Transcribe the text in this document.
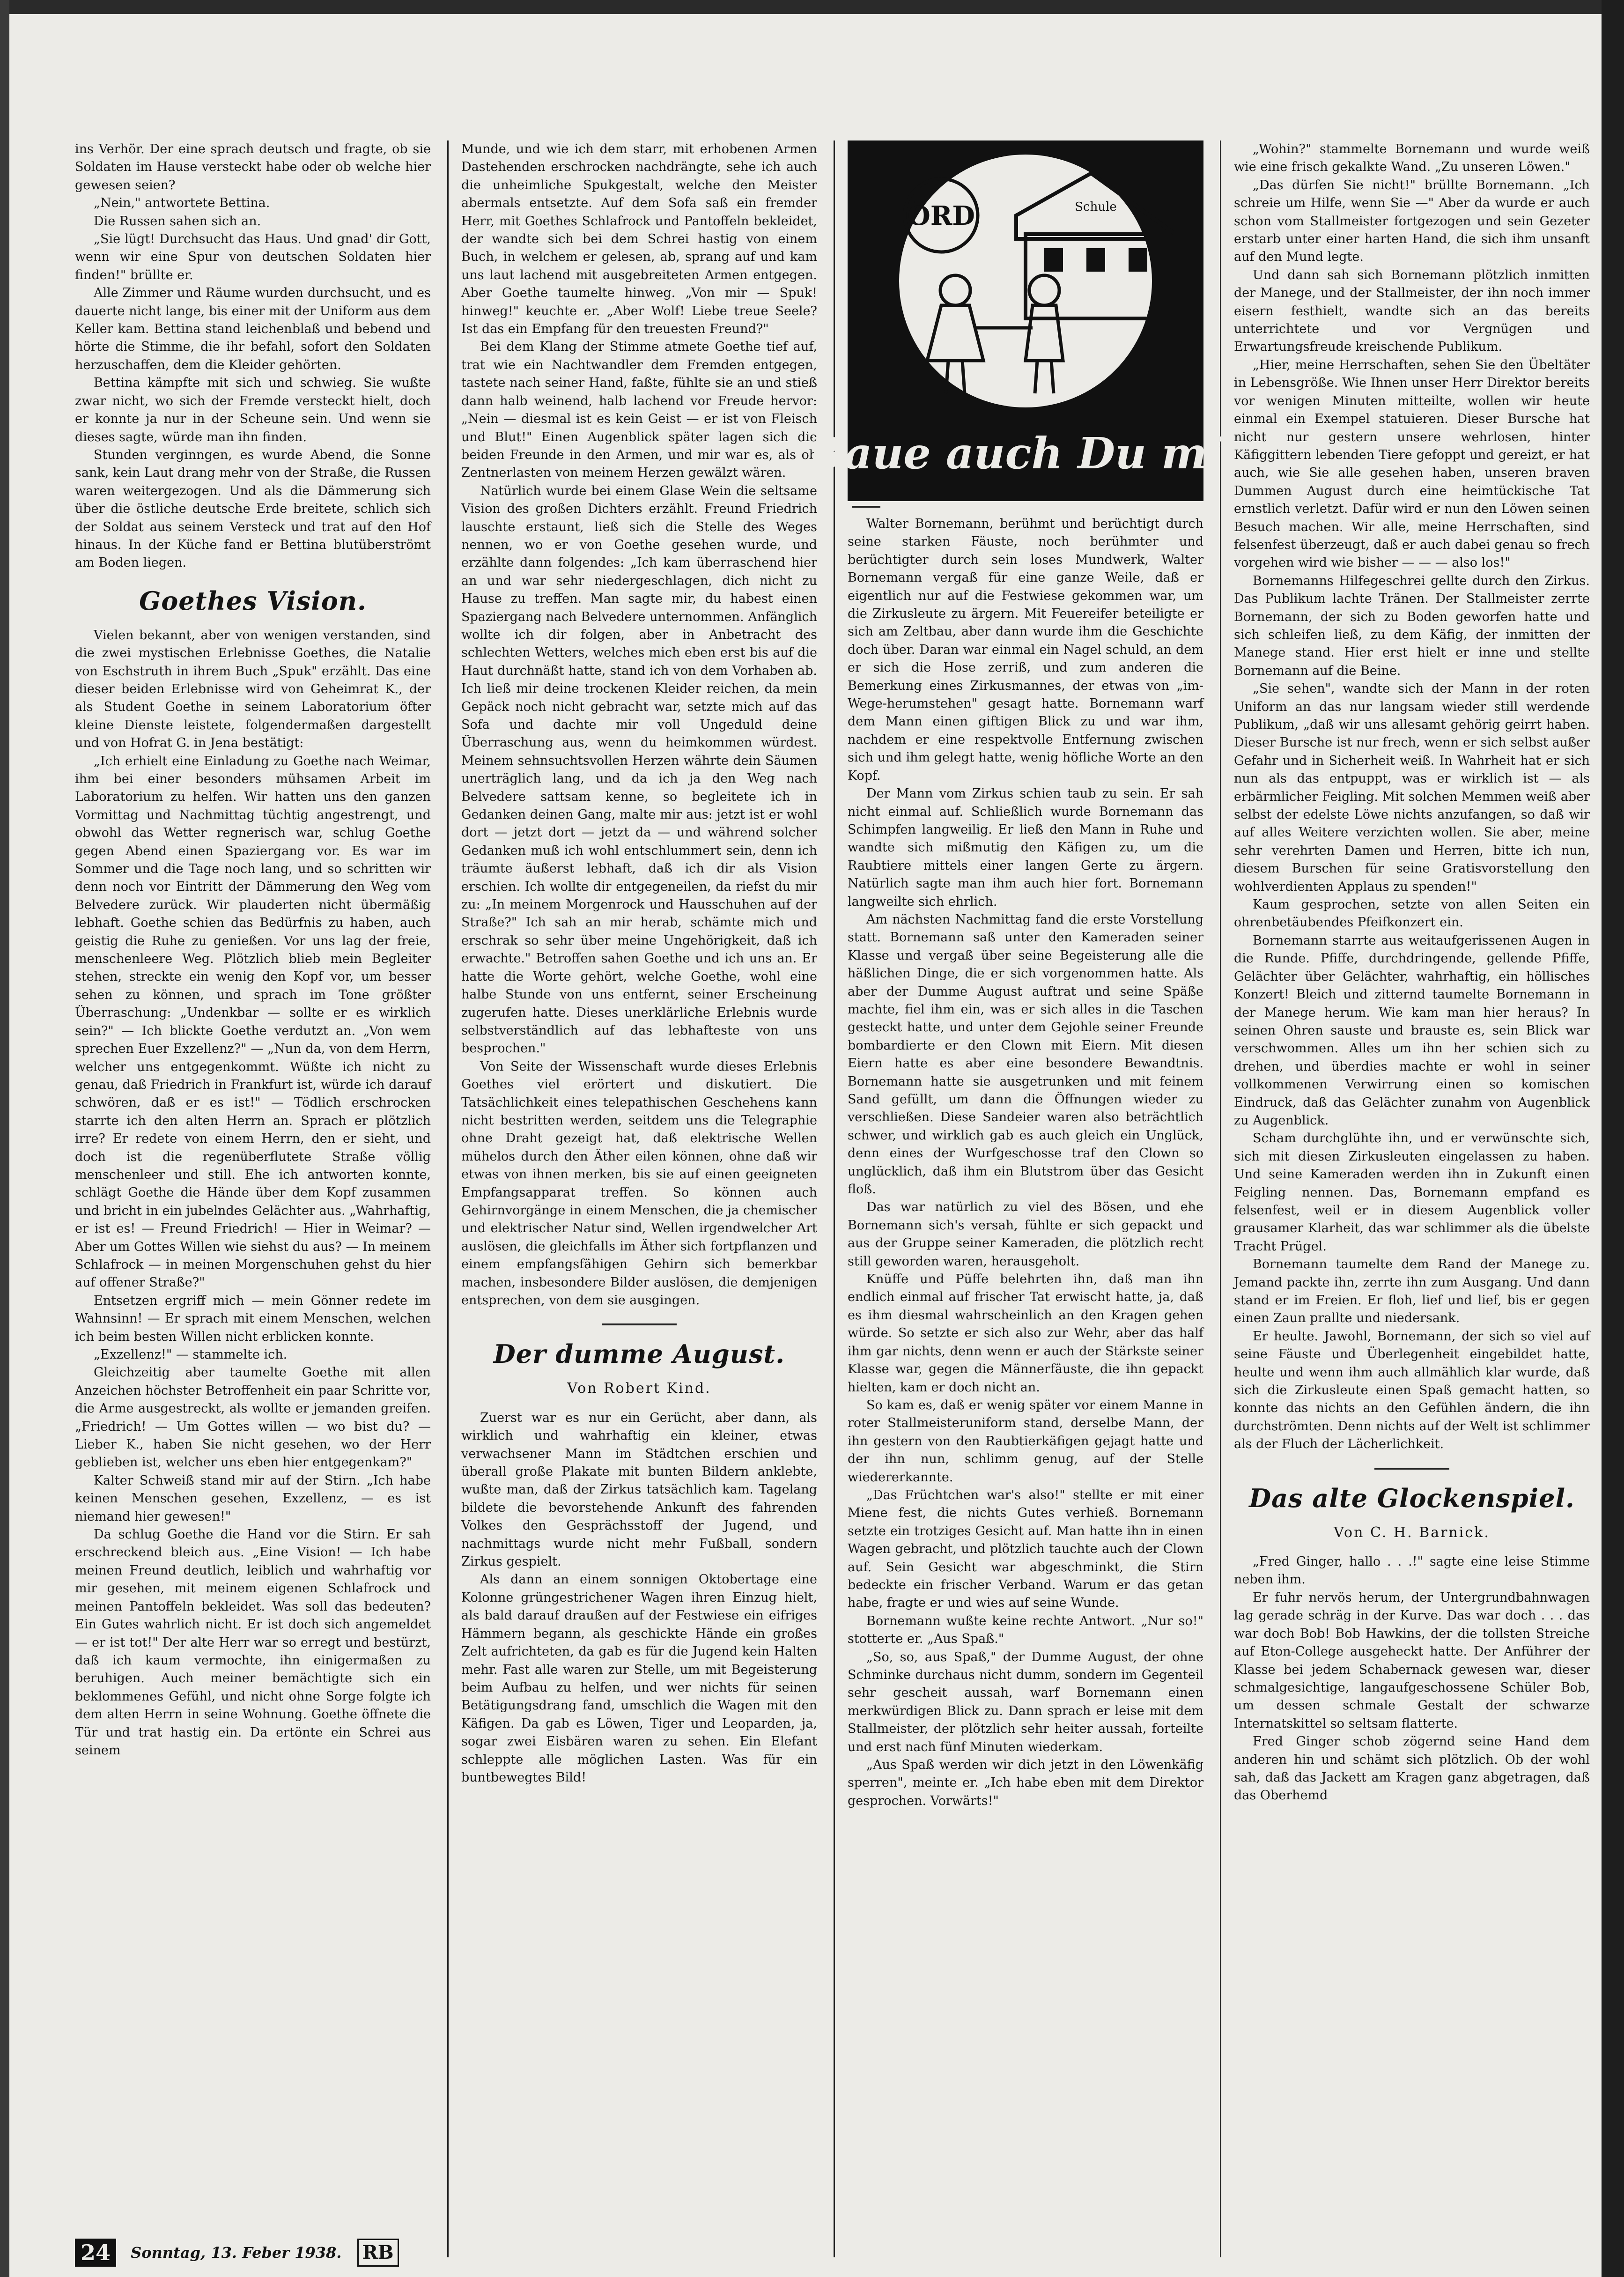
ins Verhör. Der eine sprach deutsch und fragte, ob sie Soldaten im Hause versteckt habe oder ob welche hier gewesen seien?

„Nein," antwortete Bettina.

Die Russen sahen sich an.

„Sie lügt! Durchsucht das Haus. Und gnad' dir Gott, wenn wir eine Spur von deutschen Soldaten hier finden!" brüllte er.

Alle Zimmer und Räume wurden durchsucht, und es dauerte nicht lange, bis einer mit der Uniform aus dem Keller kam. Bettina stand leichenblaß und bebend und hörte die Stimme, die ihr befahl, sofort den Soldaten herzuschaffen, dem die Kleider gehörten.

Bettina kämpfte mit sich und schwieg. Sie wußte zwar nicht, wo sich der Fremde versteckt hielt, doch er konnte ja nur in der Scheune sein. Und wenn sie dieses sagte, würde man ihn finden.

Stunden verginngen, es wurde Abend, die Sonne sank, kein Laut drang mehr von der Straße, die Russen waren weitergezogen. Und als die Dämmerung sich über die östliche deutsche Erde breitete, schlich sich der Soldat aus seinem Versteck und trat auf den Hof hinaus. In der Küche fand er Bettina blutüberströmt am Boden liegen.

Goethes Vision.

Vielen bekannt, aber von wenigen verstanden, sind die zwei mystischen Erlebnisse Goethes, die Natalie von Eschstruth in ihrem Buch „Spuk" erzählt. Das eine dieser beiden Erlebnisse wird von Geheimrat K., der als Student Goethe in seinem Laboratorium öfter kleine Dienste leistete, folgendermaßen dargestellt und von Hofrat G. in Jena bestätigt:

„Ich erhielt eine Einladung zu Goethe nach Weimar, ihm bei einer besonders mühsamen Arbeit im Laboratorium zu helfen. Wir hatten uns den ganzen Vormittag und Nachmittag tüchtig angestrengt, und obwohl das Wetter regnerisch war, schlug Goethe gegen Abend einen Spaziergang vor. Es war im Sommer und die Tage noch lang, und so schritten wir denn noch vor Eintritt der Dämmerung den Weg vom Belvedere zurück. Wir plauderten nicht übermäßig lebhaft. Goethe schien das Bedürfnis zu haben, auch geistig die Ruhe zu genießen. Vor uns lag der freie, menschenleere Weg. Plötzlich blieb mein Begleiter stehen, streckte ein wenig den Kopf vor, um besser sehen zu können, und sprach im Tone größter Überraschung: „Undenkbar — sollte er es wirklich sein?" — Ich blickte Goethe verdutzt an. „Von wem sprechen Euer Exzellenz?" — „Nun da, von dem Herrn, welcher uns entgegenkommt. Wüßte ich nicht zu genau, daß Friedrich in Frankfurt ist, würde ich darauf schwören, daß er es ist!" — Tödlich erschrocken starrte ich den alten Herrn an. Sprach er plötzlich irre? Er redete von einem Herrn, den er sieht, und doch ist die regenüberflutete Straße völlig menschenleer und still. Ehe ich antworten konnte, schlägt Goethe die Hände über dem Kopf zusammen und bricht in ein jubelndes Gelächter aus. „Wahrhaftig, er ist es! — Freund Friedrich! — Hier in Weimar? — Aber um Gottes Willen wie siehst du aus? — In meinem Schlafrock — in meinen Morgenschuhen gehst du hier auf offener Straße?"

Entsetzen ergriff mich — mein Gönner redete im Wahnsinn! — Er sprach mit einem Menschen, welchen ich beim besten Willen nicht erblicken konnte.

„Exzellenz!" — stammelte ich.

Gleichzeitig aber taumelte Goethe mit allen Anzeichen höchster Betroffenheit ein paar Schritte vor, die Arme ausgestreckt, als wollte er jemanden greifen. „Friedrich! — Um Gottes willen — wo bist du? — Lieber K., haben Sie nicht gesehen, wo der Herr geblieben ist, welcher uns eben hier entgegenkam?"

Kalter Schweiß stand mir auf der Stirn. „Ich habe keinen Menschen gesehen, Exzellenz, — es ist niemand hier gewesen!"

Da schlug Goethe die Hand vor die Stirn. Er sah erschreckend bleich aus. „Eine Vision! — Ich habe meinen Freund deutlich, leiblich und wahrhaftig vor mir gesehen, mit meinem eigenen Schlafrock und meinen Pantoffeln bekleidet. Was soll das bedeuten? Ein Gutes wahrlich nicht. Er ist doch sich angemeldet — er ist tot!" Der alte Herr war so erregt und bestürzt, daß ich kaum vermochte, ihn einigermaßen zu beruhigen. Auch meiner bemächtigte sich ein beklommenes Gefühl, und nicht ohne Sorge folgte ich dem alten Herrn in seine Wohnung. Goethe öffnete die Tür und trat hastig ein. Da ertönte ein Schrei aus seinem

Munde, und wie ich dem starr, mit erhobenen Armen Dastehenden erschrocken nachdrängte, sehe ich auch die unheimliche Spukgestalt, welche den Meister abermals entsetzte. Auf dem Sofa saß ein fremder Herr, mit Goethes Schlafrock und Pantoffeln bekleidet, der wandte sich bei dem Schrei hastig von einem Buch, in welchem er gelesen, ab, sprang auf und kam uns laut lachend mit ausgebreiteten Armen entgegen. Aber Goethe taumelte hinweg. „Von mir — Spuk! hinweg!" keuchte er. „Aber Wolf! Liebe treue Seele? Ist das ein Empfang für den treuesten Freund?"

Bei dem Klang der Stimme atmete Goethe tief auf, trat wie ein Nachtwandler dem Fremden entgegen, tastete nach seiner Hand, faßte, fühlte sie an und stieß dann halb weinend, halb lachend vor Freude hervor: „Nein — diesmal ist es kein Geist — er ist von Fleisch und Blut!" Einen Augenblick später lagen sich die beiden Freunde in den Armen, und mir war es, als ob Zentnerlasten von meinem Herzen gewälzt wären.

Natürlich wurde bei einem Glase Wein die seltsame Vision des großen Dichters erzählt. Freund Friedrich lauschte erstaunt, ließ sich die Stelle des Weges nennen, wo er von Goethe gesehen wurde, und erzählte dann folgendes: „Ich kam überraschend hier an und war sehr niedergeschlagen, dich nicht zu Hause zu treffen. Man sagte mir, du habest einen Spaziergang nach Belvedere unternommen. Anfänglich wollte ich dir folgen, aber in Anbetracht des schlechten Wetters, welches mich eben erst bis auf die Haut durchnäßt hatte, stand ich von dem Vorhaben ab. Ich ließ mir deine trockenen Kleider reichen, da mein Gepäck noch nicht gebracht war, setzte mich auf das Sofa und dachte mir voll Ungeduld deine Überraschung aus, wenn du heimkommen würdest. Meinem sehnsuchtsvollen Herzen währte dein Säumen unerträglich lang, und da ich ja den Weg nach Belvedere sattsam kenne, so begleitete ich in Gedanken deinen Gang, malte mir aus: jetzt ist er wohl dort — jetzt dort — jetzt da — und während solcher Gedanken muß ich wohl entschlummert sein, denn ich träumte äußerst lebhaft, daß ich dir als Vision erschien. Ich wollte dir entgegeneilen, da riefst du mir zu: „In meinem Morgenrock und Hausschuhen auf der Straße?" Ich sah an mir herab, schämte mich und erschrak so sehr über meine Ungehörigkeit, daß ich erwachte." Betroffen sahen Goethe und ich uns an. Er hatte die Worte gehört, welche Goethe, wohl eine halbe Stunde von uns entfernt, seiner Erscheinung zugerufen hatte. Dieses unerklärliche Erlebnis wurde selbstverständlich auf das lebhafteste von uns besprochen."

Von Seite der Wissenschaft wurde dieses Erlebnis Goethes viel erörtert und diskutiert. Die Tatsächlichkeit eines telepathischen Geschehens kann nicht bestritten werden, seitdem uns die Telegraphie ohne Draht gezeigt hat, daß elektrische Wellen mühelos durch den Äther eilen können, ohne daß wir etwas von ihnen merken, bis sie auf einen geeigneten Empfangsapparat treffen. So können auch Gehirnvorgänge in einem Menschen, die ja chemischer und elektrischer Natur sind, Wellen irgendwelcher Art auslösen, die gleichfalls im Äther sich fortpflanzen und einem empfangsfähigen Gehirn sich bemerkbar machen, insbesondere Bilder auslösen, die demjenigen entsprechen, von dem sie ausgingen.

Der dumme August.
Von Robert Kind.

Zuerst war es nur ein Gerücht, aber dann, als wirklich und wahrhaftig ein kleiner, etwas verwachsener Mann im Städtchen erschien und überall große Plakate mit bunten Bildern anklebte, wußte man, daß der Zirkus tatsächlich kam. Tagelang bildete die bevorstehende Ankunft des fahrenden Volkes den Gesprächsstoff der Jugend, und nachmittags wurde nicht mehr Fußball, sondern Zirkus gespielt.

Als dann an einem sonnigen Oktobertage eine Kolonne grüngestrichener Wagen ihren Einzug hielt, als bald darauf draußen auf der Festwiese ein eifriges Hämmern begann, als geschickte Hände ein großes Zelt aufrichteten, da gab es für die Jugend kein Halten mehr. Fast alle waren zur Stelle, um mit Begeisterung beim Aufbau zu helfen, und wer nichts für seinen Betätigungsdrang fand, umschlich die Wagen mit den Käfigen. Da gab es Löwen, Tiger und Leoparden, ja, sogar zwei Eisbären waren zu sehen. Ein Elefant schleppte alle möglichen Lasten. Was für ein buntbewegtes Bild!

ÖRD	Schule
Baue auch Du mit

Walter Bornemann, berühmt und berüchtigt durch seine starken Fäuste, noch berühmter und berüchtigter durch sein loses Mundwerk, Walter Bornemann vergaß für eine ganze Weile, daß er eigentlich nur auf die Festwiese gekommen war, um die Zirkusleute zu ärgern. Mit Feuereifer beteiligte er sich am Zeltbau, aber dann wurde ihm die Geschichte doch über. Daran war einmal ein Nagel schuld, an dem er sich die Hose zerriß, und zum anderen die Bemerkung eines Zirkusmannes, der etwas von „im-Wege-herumstehen" gesagt hatte. Bornemann warf dem Mann einen giftigen Blick zu und war ihm, nachdem er eine respektvolle Entfernung zwischen sich und ihm gelegt hatte, wenig höfliche Worte an den Kopf.

Der Mann vom Zirkus schien taub zu sein. Er sah nicht einmal auf. Schließlich wurde Bornemann das Schimpfen langweilig. Er ließ den Mann in Ruhe und wandte sich mißmutig den Käfigen zu, um die Raubtiere mittels einer langen Gerte zu ärgern. Natürlich sagte man ihm auch hier fort. Bornemann langweilte sich ehrlich.

Am nächsten Nachmittag fand die erste Vorstellung statt. Bornemann saß unter den Kameraden seiner Klasse und vergaß über seine Begeisterung alle die häßlichen Dinge, die er sich vorgenommen hatte. Als aber der Dumme August auftrat und seine Späße machte, fiel ihm ein, was er sich alles in die Taschen gesteckt hatte, und unter dem Gejohle seiner Freunde bombardierte er den Clown mit Eiern. Mit diesen Eiern hatte es aber eine besondere Bewandtnis. Bornemann hatte sie ausgetrunken und mit feinem Sand gefüllt, um dann die Öffnungen wieder zu verschließen. Diese Sandeier waren also beträchtlich schwer, und wirklich gab es auch gleich ein Unglück, denn eines der Wurfgeschosse traf den Clown so unglücklich, daß ihm ein Blutstrom über das Gesicht floß.

Das war natürlich zu viel des Bösen, und ehe Bornemann sich's versah, fühlte er sich gepackt und aus der Gruppe seiner Kameraden, die plötzlich recht still geworden waren, herausgeholt.

Knüffe und Püffe belehrten ihn, daß man ihn endlich einmal auf frischer Tat erwischt hatte, ja, daß es ihm diesmal wahrscheinlich an den Kragen gehen würde. So setzte er sich also zur Wehr, aber das half ihm gar nichts, denn wenn er auch der Stärkste seiner Klasse war, gegen die Männerfäuste, die ihn gepackt hielten, kam er doch nicht an.

So kam es, daß er wenig später vor einem Manne in roter Stallmeisteruniform stand, derselbe Mann, der ihn gestern von den Raubtierkäfigen gejagt hatte und der ihn nun, schlimm genug, auf der Stelle wiedererkannte.

„Das Früchtchen war's also!" stellte er mit einer Miene fest, die nichts Gutes verhieß. Bornemann setzte ein trotziges Gesicht auf. Man hatte ihn in einen Wagen gebracht, und plötzlich tauchte auch der Clown auf. Sein Gesicht war abgeschminkt, die Stirn bedeckte ein frischer Verband. Warum er das getan habe, fragte er und wies auf seine Wunde.

Bornemann wußte keine rechte Antwort. „Nur so!" stotterte er. „Aus Spaß."

„So, so, aus Spaß," der Dumme August, der ohne Schminke durchaus nicht dumm, sondern im Gegenteil sehr gescheit aussah, warf Bornemann einen merkwürdigen Blick zu. Dann sprach er leise mit dem Stallmeister, der plötzlich sehr heiter aussah, forteilte und erst nach fünf Minuten wiederkam.

„Aus Spaß werden wir dich jetzt in den Löwenkäfig sperren", meinte er. „Ich habe eben mit dem Direktor gesprochen. Vorwärts!"

„Wohin?" stammelte Bornemann und wurde weiß wie eine frisch gekalkte Wand. „Zu unseren Löwen."

„Das dürfen Sie nicht!" brüllte Bornemann. „Ich schreie um Hilfe, wenn Sie —" Aber da wurde er auch schon vom Stallmeister fortgezogen und sein Gezeter erstarb unter einer harten Hand, die sich ihm unsanft auf den Mund legte.

Und dann sah sich Bornemann plötzlich inmitten der Manege, und der Stallmeister, der ihn noch immer eisern festhielt, wandte sich an das bereits unterrichtete und vor Vergnügen und Erwartungsfreude kreischende Publikum.

„Hier, meine Herrschaften, sehen Sie den Übeltäter in Lebensgröße. Wie Ihnen unser Herr Direktor bereits vor wenigen Minuten mitteilte, wollen wir heute einmal ein Exempel statuieren. Dieser Bursche hat nicht nur gestern unsere wehrlosen, hinter Käfiggittern lebenden Tiere gefoppt und gereizt, er hat auch, wie Sie alle gesehen haben, unseren braven Dummen August durch eine heimtückische Tat ernstlich verletzt. Dafür wird er nun den Löwen seinen Besuch machen. Wir alle, meine Herrschaften, sind felsenfest überzeugt, daß er auch dabei genau so frech vorgehen wird wie bisher — — — also los!"

Bornemanns Hilfegeschrei gellte durch den Zirkus. Das Publikum lachte Tränen. Der Stallmeister zerrte Bornemann, der sich zu Boden geworfen hatte und sich schleifen ließ, zu dem Käfig, der inmitten der Manege stand. Hier erst hielt er inne und stellte Bornemann auf die Beine.

„Sie sehen", wandte sich der Mann in der roten Uniform an das nur langsam wieder still werdende Publikum, „daß wir uns allesamt gehörig geirrt haben. Dieser Bursche ist nur frech, wenn er sich selbst außer Gefahr und in Sicherheit weiß. In Wahrheit hat er sich nun als das entpuppt, was er wirklich ist — als erbärmlicher Feigling. Mit solchen Memmen weiß aber selbst der edelste Löwe nichts anzufangen, so daß wir auf alles Weitere verzichten wollen. Sie aber, meine sehr verehrten Damen und Herren, bitte ich nun, diesem Burschen für seine Gratisvorstellung den wohlverdienten Applaus zu spenden!"

Kaum gesprochen, setzte von allen Seiten ein ohrenbetäubendes Pfeifkonzert ein.

Bornemann starrte aus weitaufgerissenen Augen in die Runde. Pfiffe, durchdringende, gellende Pfiffe, Gelächter über Gelächter, wahrhaftig, ein höllisches Konzert! Bleich und zitternd taumelte Bornemann in der Manege herum. Wie kam man hier heraus? In seinen Ohren sauste und brauste es, sein Blick war verschwommen. Alles um ihn her schien sich zu drehen, und überdies machte er wohl in seiner vollkommenen Verwirrung einen so komischen Eindruck, daß das Gelächter zunahm von Augenblick zu Augenblick.

Scham durchglühte ihn, und er verwünschte sich, sich mit diesen Zirkusleuten eingelassen zu haben. Und seine Kameraden werden ihn in Zukunft einen Feigling nennen. Das, Bornemann empfand es felsenfest, weil er in diesem Augenblick voller grausamer Klarheit, das war schlimmer als die übelste Tracht Prügel.

Bornemann taumelte dem Rand der Manege zu. Jemand packte ihn, zerrte ihn zum Ausgang. Und dann stand er im Freien. Er floh, lief und lief, bis er gegen einen Zaun prallte und niedersank.

Er heulte. Jawohl, Bornemann, der sich so viel auf seine Fäuste und Überlegenheit eingebildet hatte, heulte und wenn ihm auch allmählich klar wurde, daß sich die Zirkusleute einen Spaß gemacht hatten, so konnte das nichts an den Gefühlen ändern, die ihn durchströmten. Denn nichts auf der Welt ist schlimmer als der Fluch der Lächerlichkeit.

Das alte Glockenspiel.
Von C. H. Barnick.

„Fred Ginger, hallo . . .!" sagte eine leise Stimme neben ihm.

Er fuhr nervös herum, der Untergrundbahnwagen lag gerade schräg in der Kurve. Das war doch . . . das war doch Bob! Bob Hawkins, der die tollsten Streiche auf Eton-College ausgeheckt hatte. Der Anführer der Klasse bei jedem Schabernack gewesen war, dieser schmalgesichtige, langaufgeschossene Schüler Bob, um dessen schmale Gestalt der schwarze Internatskittel so seltsam flatterte.

Fred Ginger schob zögernd seine Hand dem anderen hin und schämt sich plötzlich. Ob der wohl sah, daß das Jackett am Kragen ganz abgetragen, daß das Oberhemd

24 Sonntag, 13. Feber 1938. RB
